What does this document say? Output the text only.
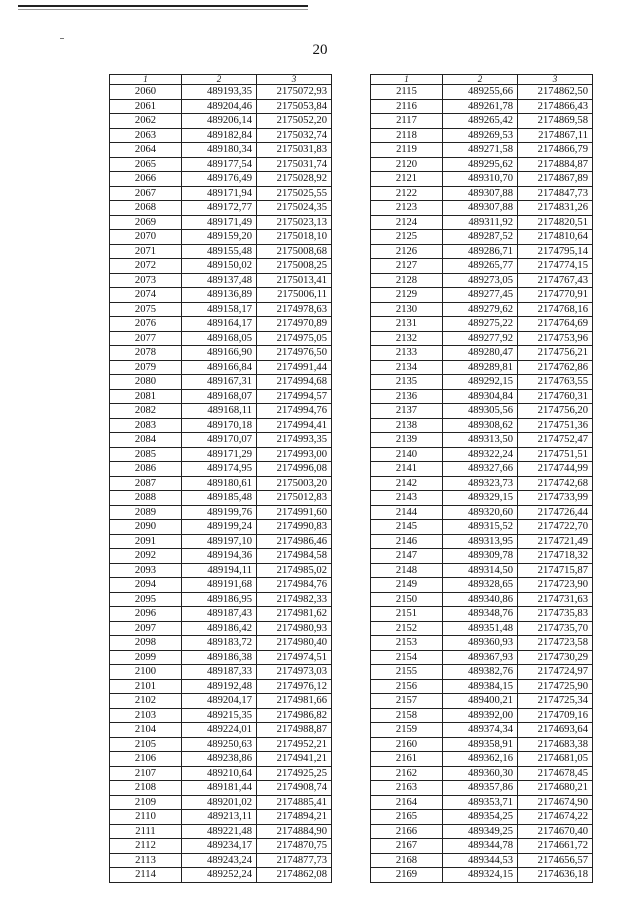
20
1	2	3
2060	489193,35	2175072,93
2061	489204,46	2175053,84
2062	489206,14	2175052,20
2063	489182,84	2175032,74
2064	489180,34	2175031,83
2065	489177,54	2175031,74
2066	489176,49	2175028,92
2067	489171,94	2175025,55
2068	489172,77	2175024,35
2069	489171,49	2175023,13
2070	489159,20	2175018,10
2071	489155,48	2175008,68
2072	489150,02	2175008,25
2073	489137,48	2175013,41
2074	489136,89	2175006,11
2075	489158,17	2174978,63
2076	489164,17	2174970,89
2077	489168,05	2174975,05
2078	489166,90	2174976,50
2079	489166,84	2174991,44
2080	489167,31	2174994,68
2081	489168,07	2174994,57
2082	489168,11	2174994,76
2083	489170,18	2174994,41
2084	489170,07	2174993,35
2085	489171,29	2174993,00
2086	489174,95	2174996,08
2087	489180,61	2175003,20
2088	489185,48	2175012,83
2089	489199,76	2174991,60
2090	489199,24	2174990,83
2091	489197,10	2174986,46
2092	489194,36	2174984,58
2093	489194,11	2174985,02
2094	489191,68	2174984,76
2095	489186,95	2174982,33
2096	489187,43	2174981,62
2097	489186,42	2174980,93
2098	489183,72	2174980,40
2099	489186,38	2174974,51
2100	489187,33	2174973,03
2101	489192,48	2174976,12
2102	489204,17	2174981,66
2103	489215,35	2174986,82
2104	489224,01	2174988,87
2105	489250,63	2174952,21
2106	489238,86	2174941,21
2107	489210,64	2174925,25
2108	489181,44	2174908,74
2109	489201,02	2174885,41
2110	489213,11	2174894,21
2111	489221,48	2174884,90
2112	489234,17	2174870,75
2113	489243,24	2174877,73
2114	489252,24	2174862,08
1	2	3
2115	489255,66	2174862,50
2116	489261,78	2174866,43
2117	489265,42	2174869,58
2118	489269,53	2174867,11
2119	489271,58	2174866,79
2120	489295,62	2174884,87
2121	489310,70	2174867,89
2122	489307,88	2174847,73
2123	489307,88	2174831,26
2124	489311,92	2174820,51
2125	489287,52	2174810,64
2126	489286,71	2174795,14
2127	489265,77	2174774,15
2128	489273,05	2174767,43
2129	489277,45	2174770,91
2130	489279,62	2174768,16
2131	489275,22	2174764,69
2132	489277,92	2174753,96
2133	489280,47	2174756,21
2134	489289,81	2174762,86
2135	489292,15	2174763,55
2136	489304,84	2174760,31
2137	489305,56	2174756,20
2138	489308,62	2174751,36
2139	489313,50	2174752,47
2140	489322,24	2174751,51
2141	489327,66	2174744,99
2142	489323,73	2174742,68
2143	489329,15	2174733,99
2144	489320,60	2174726,44
2145	489315,52	2174722,70
2146	489313,95	2174721,49
2147	489309,78	2174718,32
2148	489314,50	2174715,87
2149	489328,65	2174723,90
2150	489340,86	2174731,63
2151	489348,76	2174735,83
2152	489351,48	2174735,70
2153	489360,93	2174723,58
2154	489367,93	2174730,29
2155	489382,76	2174724,97
2156	489384,15	2174725,90
2157	489400,21	2174725,34
2158	489392,00	2174709,16
2159	489374,34	2174693,64
2160	489358,91	2174683,38
2161	489362,16	2174681,05
2162	489360,30	2174678,45
2163	489357,86	2174680,21
2164	489353,71	2174674,90
2165	489354,25	2174674,22
2166	489349,25	2174670,40
2167	489344,78	2174661,72
2168	489344,53	2174656,57
2169	489324,15	2174636,18
